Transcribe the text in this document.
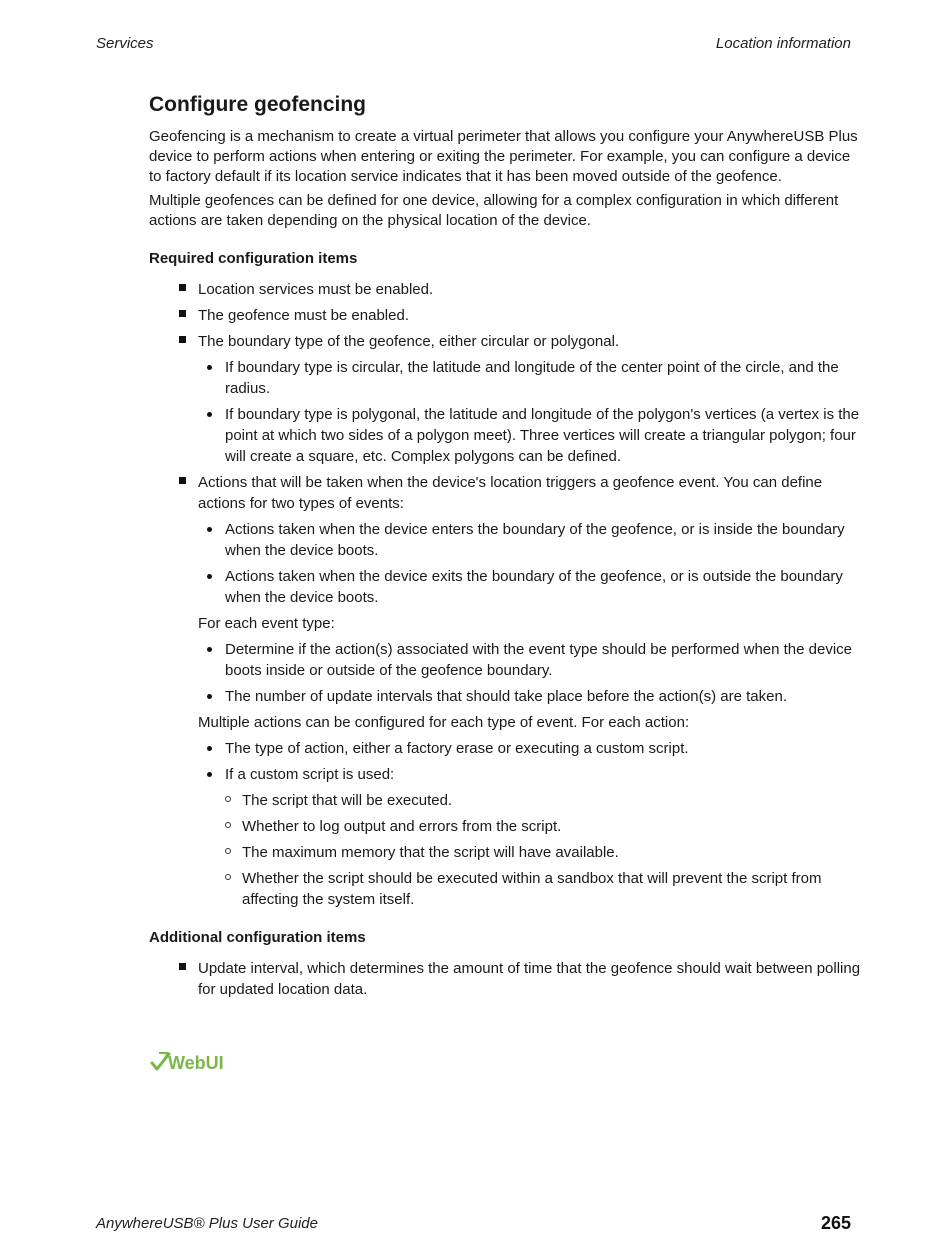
Services	Location information
Configure geofencing

Geofencing is a mechanism to create a virtual perimeter that allows you configure your AnywhereUSB Plus device to perform actions when entering or exiting the perimeter. For example, you can configure a device to factory default if its location service indicates that it has been moved outside of the geofence.

Multiple geofences can be defined for one device, allowing for a complex configuration in which different actions are taken depending on the physical location of the device.

Required configuration items
Location services must be enabled.
The geofence must be enabled.
The boundary type of the geofence, either circular or polygonal.
If boundary type is circular, the latitude and longitude of the center point of the circle, and the radius.
If boundary type is polygonal, the latitude and longitude of the polygon's vertices (a vertex is the point at which two sides of a polygon meet). Three vertices will create a triangular polygon; four will create a square, etc. Complex polygons can be defined.
Actions that will be taken when the device's location triggers a geofence event. You can define actions for two types of events:
Actions taken when the device enters the boundary of the geofence, or is inside the boundary when the device boots.
Actions taken when the device exits the boundary of the geofence, or is outside the boundary when the device boots.
For each event type:
Determine if the action(s) associated with the event type should be performed when the device boots inside or outside of the geofence boundary.
The number of update intervals that should take place before the action(s) are taken.
Multiple actions can be configured for each type of event. For each action:
The type of action, either a factory erase or executing a custom script.
If a custom script is used:
The script that will be executed.
Whether to log output and errors from the script.
The maximum memory that the script will have available.
Whether the script should be executed within a sandbox that will prevent the script from affecting the system itself.
Additional configuration items
Update interval, which determines the amount of time that the geofence should wait between polling for updated location data.
WebUI
AnywhereUSB® Plus User Guide	265
